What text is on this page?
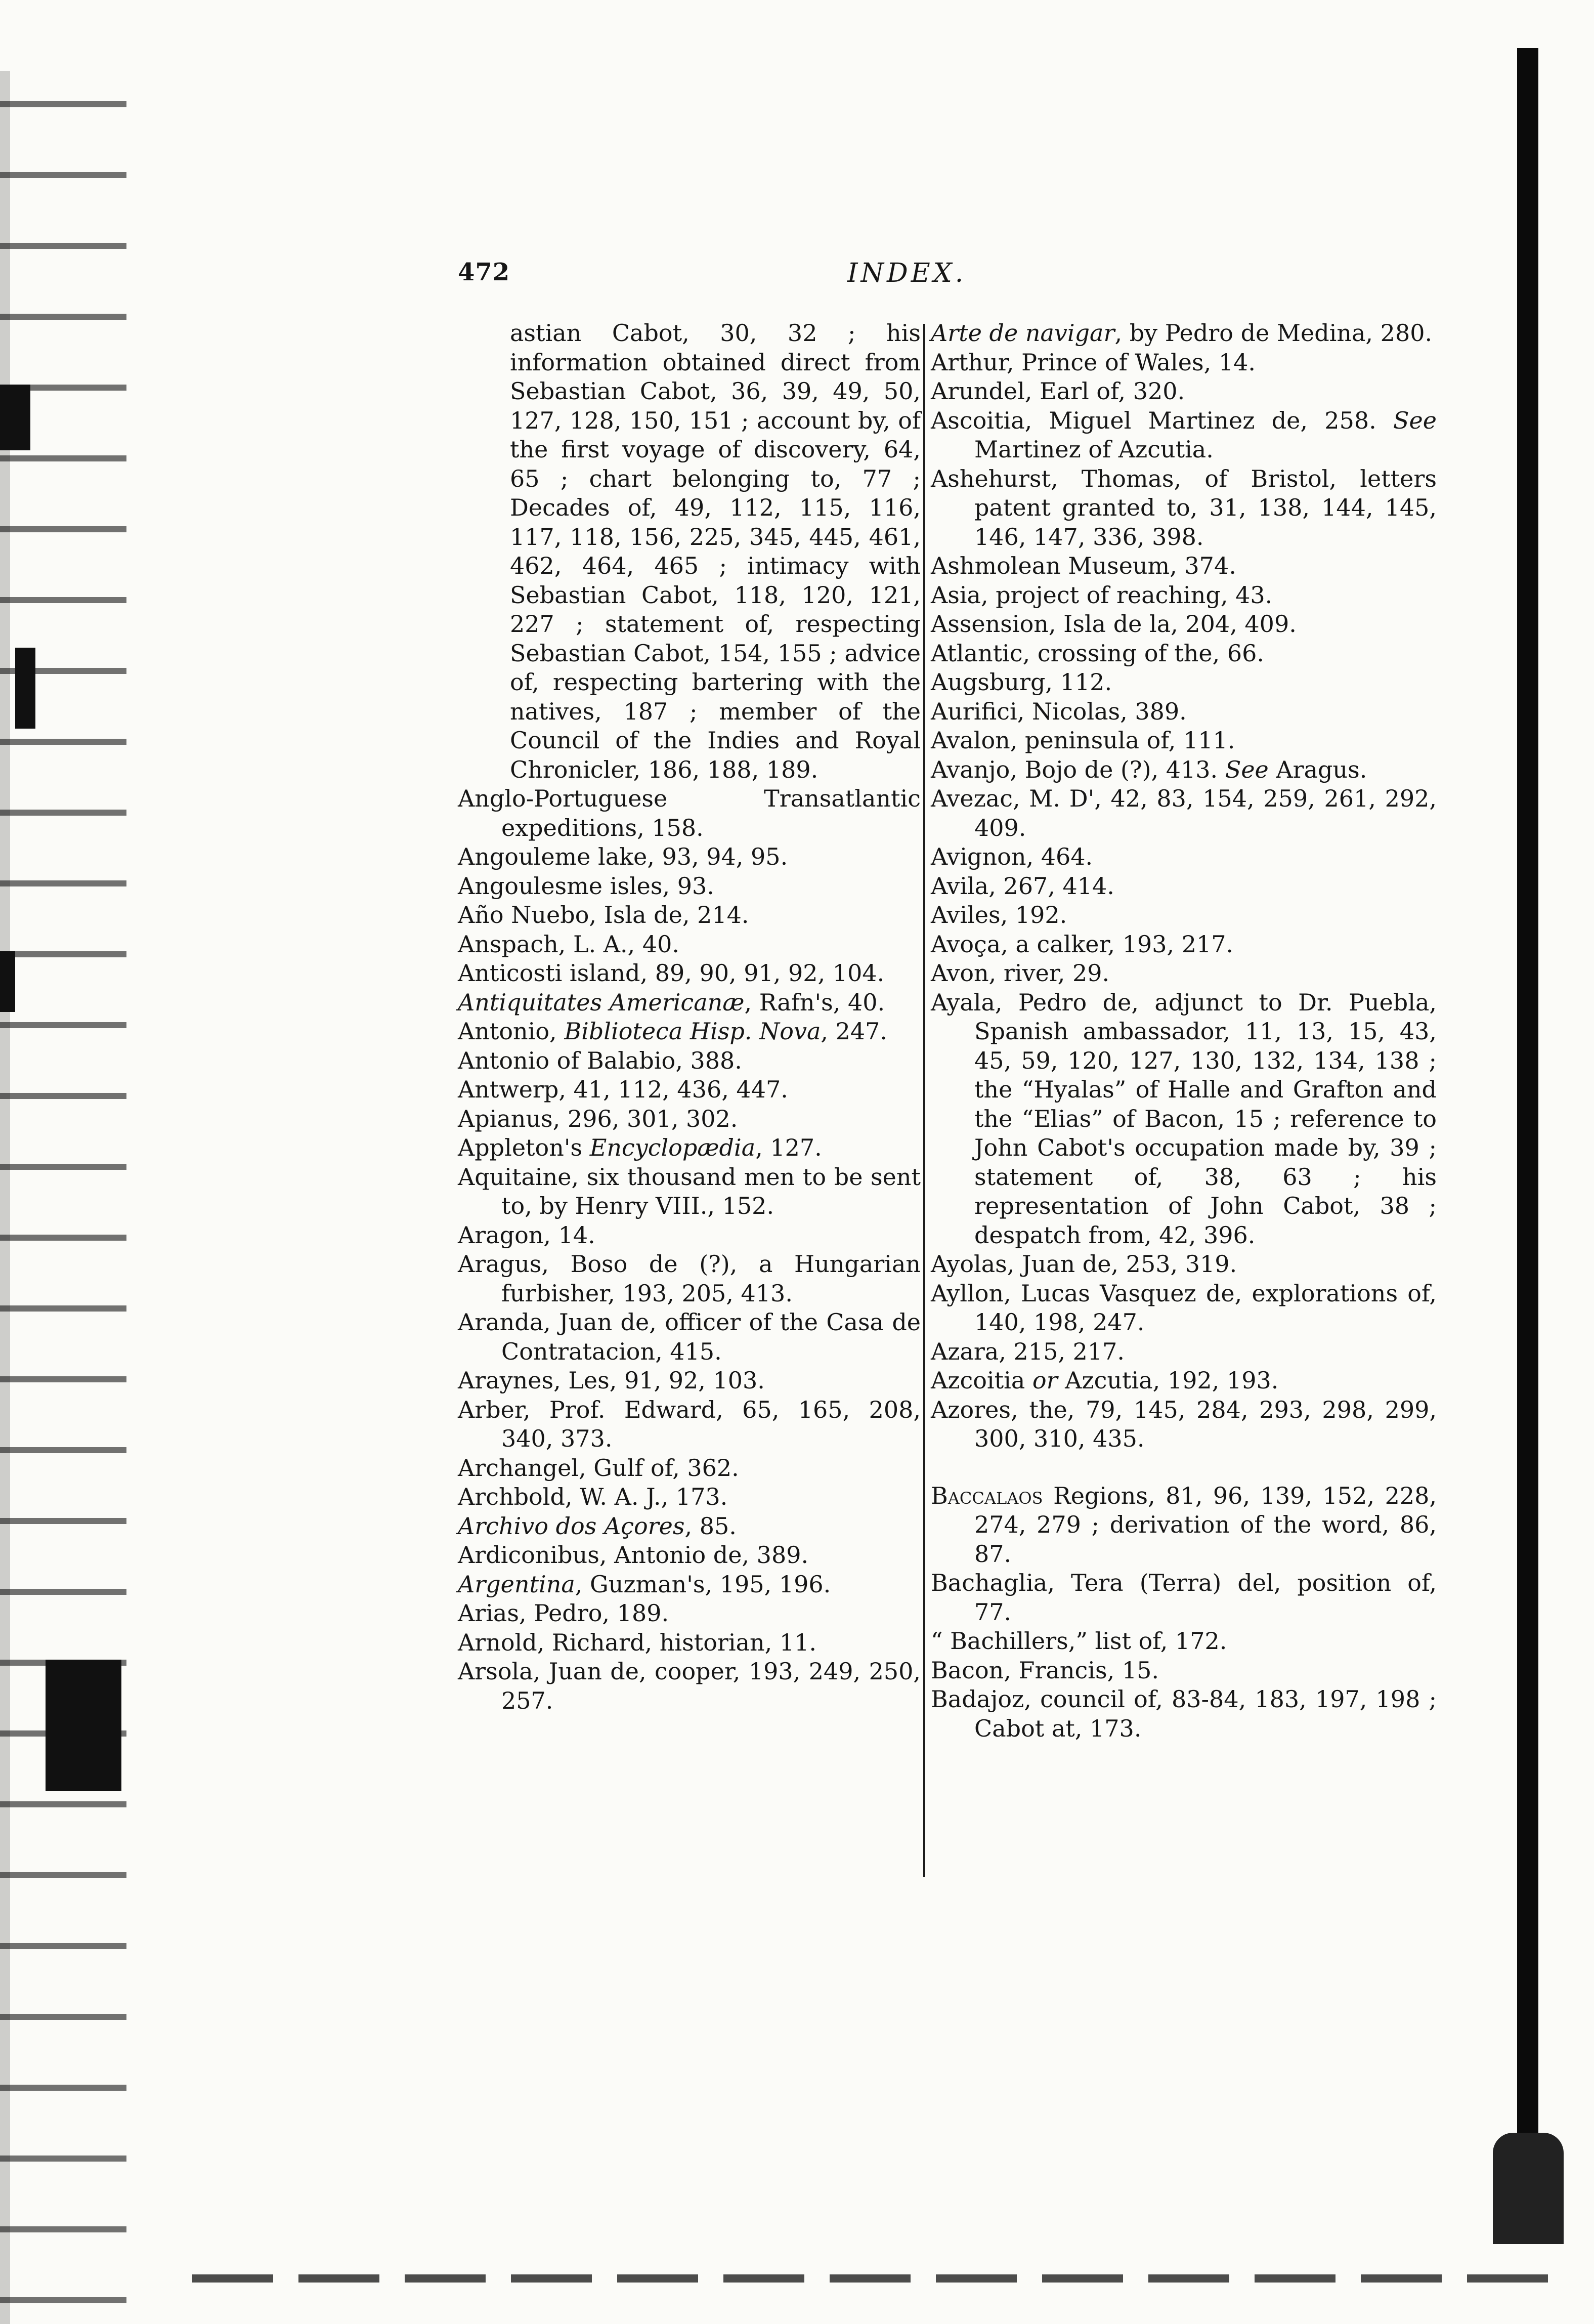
472	INDEX.

astian Cabot, 30, 32 ; his information obtained direct from Sebastian Cabot, 36, 39, 49, 50, 127, 128, 150, 151 ; account by, of the first voyage of discovery, 64, 65 ; chart belonging to, 77 ; Decades of, 49, 112, 115, 116, 117, 118, 156, 225, 345, 445, 461, 462, 464, 465 ; intimacy with Sebastian Cabot, 118, 120, 121, 227 ; statement of, respecting Sebastian Cabot, 154, 155 ; advice of, respecting bartering with the natives, 187 ; member of the Council of the Indies and Royal Chronicler, 186, 188, 189.

Anglo-Portuguese Transatlantic expeditions, 158.

Angouleme lake, 93, 94, 95.

Angoulesme isles, 93.

Año Nuebo, Isla de, 214.

Anspach, L. A., 40.

Anticosti island, 89, 90, 91, 92, 104.

Antiquitates Americanæ, Rafn's, 40.

Antonio, Biblioteca Hisp. Nova, 247.

Antonio of Balabio, 388.

Antwerp, 41, 112, 436, 447.

Apianus, 296, 301, 302.

Appleton's Encyclopædia, 127.

Aquitaine, six thousand men to be sent to, by Henry VIII., 152.

Aragon, 14.

Aragus, Boso de (?), a Hungarian furbisher, 193, 205, 413.

Aranda, Juan de, officer of the Casa de Contratacion, 415.

Araynes, Les, 91, 92, 103.

Arber, Prof. Edward, 65, 165, 208, 340, 373.

Archangel, Gulf of, 362.

Archbold, W. A. J., 173.

Archivo dos Açores, 85.

Ardiconibus, Antonio de, 389.

Argentina, Guzman's, 195, 196.

Arias, Pedro, 189.

Arnold, Richard, historian, 11.

Arsola, Juan de, cooper, 193, 249, 250, 257.

Arte de navigar, by Pedro de Medina, 280.

Arthur, Prince of Wales, 14.

Arundel, Earl of, 320.

Ascoitia, Miguel Martinez de, 258. See Martinez of Azcutia.

Ashehurst, Thomas, of Bristol, letters patent granted to, 31, 138, 144, 145, 146, 147, 336, 398.

Ashmolean Museum, 374.

Asia, project of reaching, 43.

Assension, Isla de la, 204, 409.

Atlantic, crossing of the, 66.

Augsburg, 112.

Aurifici, Nicolas, 389.

Avalon, peninsula of, 111.

Avanjo, Bojo de (?), 413. See Aragus.

Avezac, M. D', 42, 83, 154, 259, 261, 292, 409.

Avignon, 464.

Avila, 267, 414.

Aviles, 192.

Avoça, a calker, 193, 217.

Avon, river, 29.

Ayala, Pedro de, adjunct to Dr. Puebla, Spanish ambassador, 11, 13, 15, 43, 45, 59, 120, 127, 130, 132, 134, 138 ; the “Hyalas” of Halle and Grafton and the “Elias” of Bacon, 15 ; reference to John Cabot's occupation made by, 39 ; statement of, 38, 63 ; his representation of John Cabot, 38 ; despatch from, 42, 396.

Ayolas, Juan de, 253, 319.

Ayllon, Lucas Vasquez de, explorations of, 140, 198, 247.

Azara, 215, 217.

Azcoitia or Azcutia, 192, 193.

Azores, the, 79, 145, 284, 293, 298, 299, 300, 310, 435.

Baccalaos Regions, 81, 96, 139, 152, 228, 274, 279 ; derivation of the word, 86, 87.

Bachaglia, Tera (Terra) del, position of, 77.

“ Bachillers,” list of, 172.

Bacon, Francis, 15.

Badajoz, council of, 83-84, 183, 197, 198 ; Cabot at, 173.
